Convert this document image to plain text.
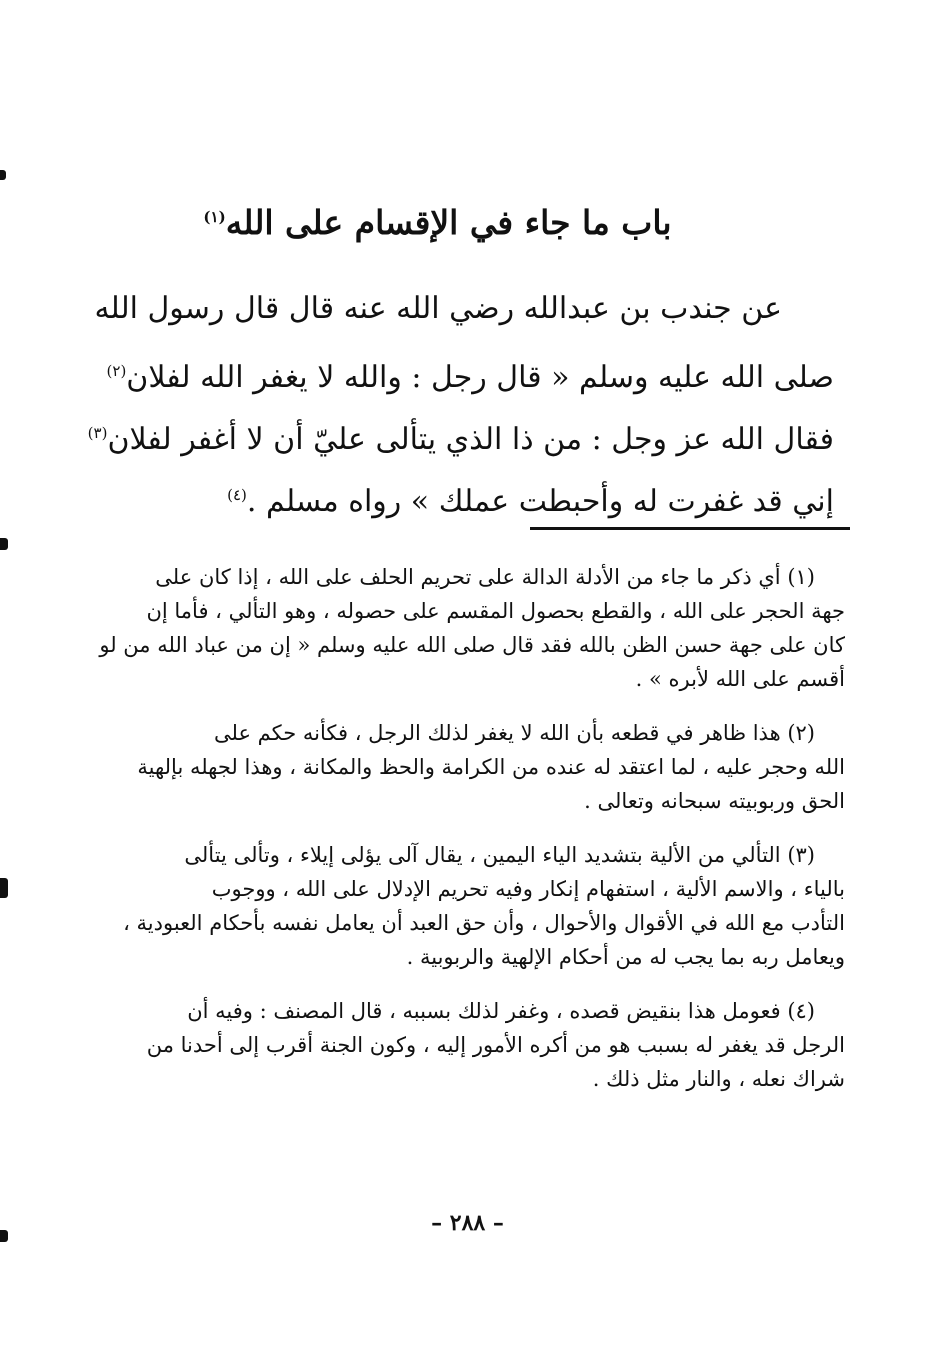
باب ما جاء في الإقسام على الله$^{(١)}$
عن جندب بن عبدالله رضي الله عنه قال قال رسول الله
صلى الله عليه وسلم « قال رجل : والله لا يغفر الله لفلان$^{(٢)}$
فقال الله عز وجل : من ذا الذي يتألى عليّ أن لا أغفر لفلان$^{(٣)}$
إني قد غفرت له وأحبطت عملك » رواه مسلم .$^{(٤)}$
(١) أي ذكر ما جاء من الأدلة الدالة على تحريم الحلف على الله ، إذا كان على
جهة الحجر على الله ، والقطع بحصول المقسم على حصوله ، وهو التألي ، فأما إن
كان على جهة حسن الظن بالله فقد قال صلى الله عليه وسلم « إن من عباد الله من لو
أقسم على الله لأبره » .
(٢) هذا ظاهر في قطعه بأن الله لا يغفر لذلك الرجل ، فكأنه حكم على
الله وحجر عليه ، لما اعتقد له عنده من الكرامة والحظ والمكانة ، وهذا لجهله بإلهية
الحق وربوبيته سبحانه وتعالى .
(٣) التألي من الألية بتشديد الياء اليمين ، يقال آلى يؤلى إيلاء ، وتألى يتألى
بالياء ، والاسم الألية ، استفهام إنكار وفيه تحريم الإدلال على الله ، ووجوب
التأدب مع الله في الأقوال والأحوال ، وأن حق العبد أن يعامل نفسه بأحكام العبودية ،
ويعامل ربه بما يجب له من أحكام الإلهية والربوبية .
(٤) فعومل هذا بنقيض قصده ، وغفر لذلك بسببه ، قال المصنف : وفيه أن
الرجل قد يغفر له بسبب هو من أكره الأمور إليه ، وكون الجنة أقرب إلى أحدنا من
شراك نعله ، والنار مثل ذلك .
– ٢٨٨ –
